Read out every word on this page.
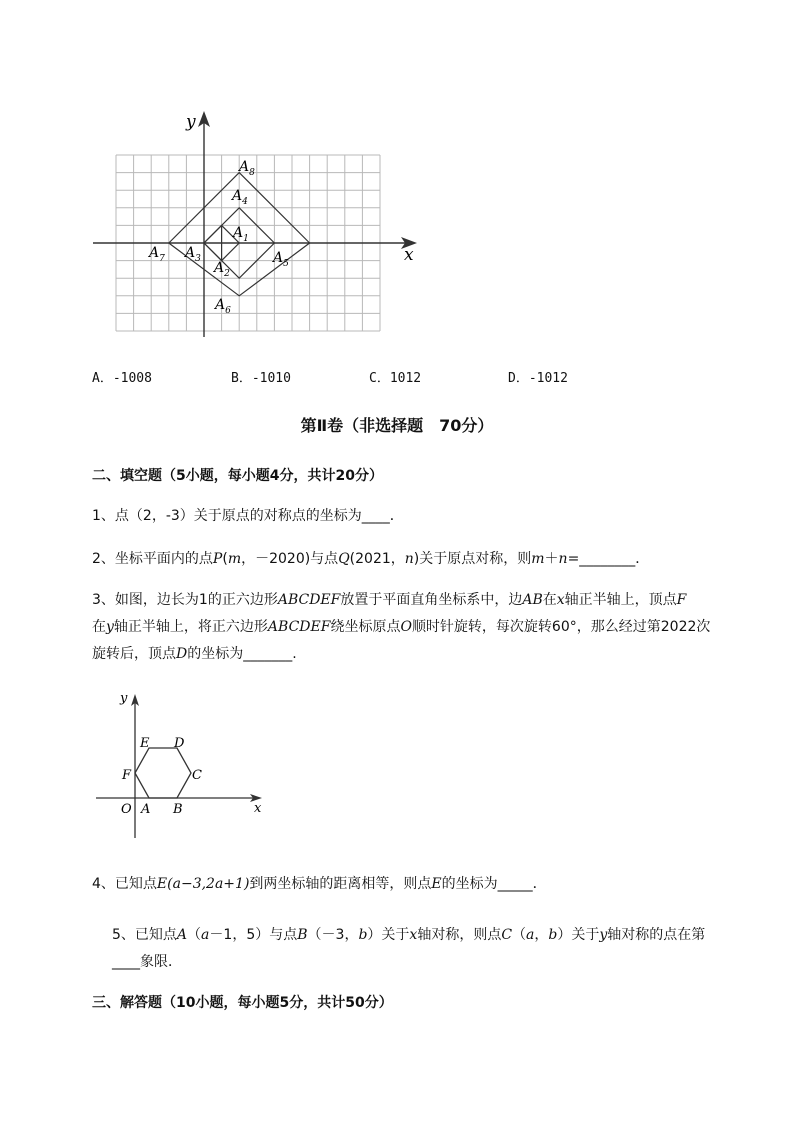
y
x
$A_1$
$A_2$
$A_3$
$A_4$
$A_5$
$A_6$
$A_7$
$A_8$
A．-1008	B．-1010	C．1012	D．-1012
第Ⅱ卷（非选择题　70分）
二、填空题（5小题，每小题4分，共计20分）
1、点（2，-3）关于原点的对称点的坐标为____．
2、坐标平面内的点P(m，－2020)与点Q(2021，n)关于原点对称，则m＋n=________．
3、如图，边长为1的正六边形ABCDEF放置于平面直角坐标系中，边AB在x轴正半轴上，顶点F
在y轴正半轴上，将正六边形ABCDEF绕坐标原点O顺时针旋转，每次旋转60°，那么经过第2022次
旋转后，顶点D的坐标为_______.
y
x
E D
F	C
O A B
4、已知点E(a−3,2a+1)到两坐标轴的距离相等，则点E的坐标为_____．
5、已知点A（a－1，5）与点B（－3，b）关于x轴对称，则点C（a，b）关于y轴对称的点在第
____象限．
三、解答题（10小题，每小题5分，共计50分）
